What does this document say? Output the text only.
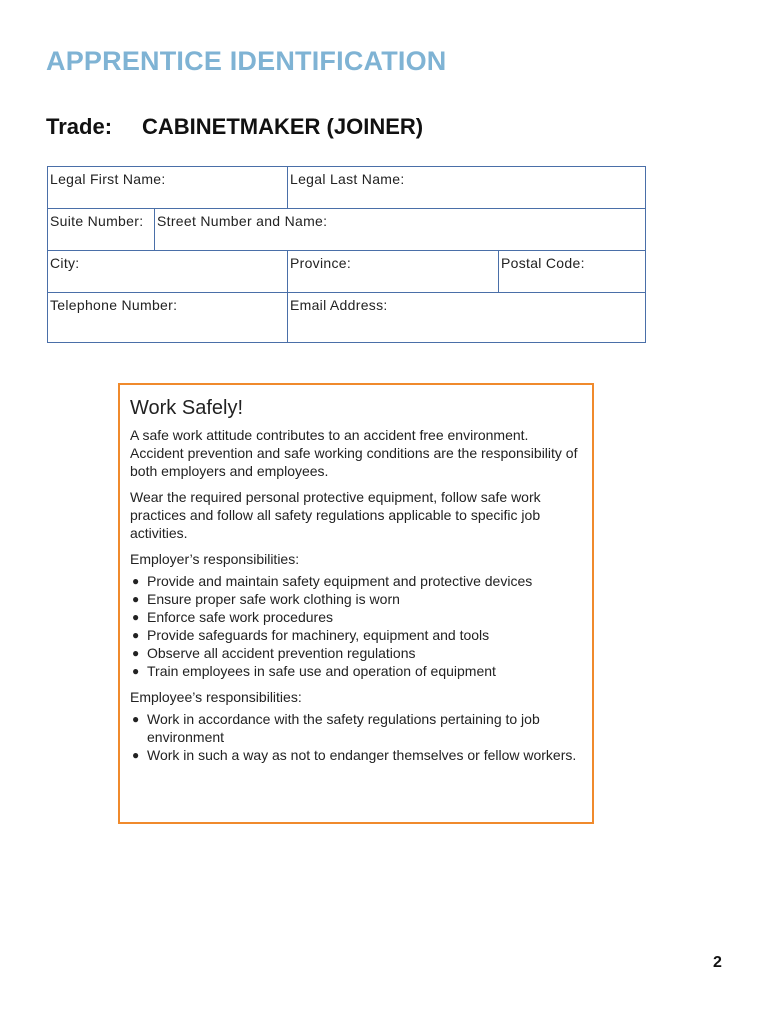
APPRENTICE IDENTIFICATION
Trade: CABINETMAKER (JOINER)
Legal First Name:		Legal Last Name:	
Suite Number:	Street Number and Name:		
City:		Province:	Postal Code:
Telephone Number:		Email Address:	
Work Safely!

A safe work attitude contributes to an accident free environment. Accident prevention and safe working conditions are the responsibility of both employers and employees.

Wear the required personal protective equipment, follow safe work practices and follow all safety regulations applicable to specific job activities.

Employer’s responsibilities:
● Provide and maintain safety equipment and protective devices
● Ensure proper safe work clothing is worn
● Enforce safe work procedures
● Provide safeguards for machinery, equipment and tools
● Observe all accident prevention regulations
● Train employees in safe use and operation of equipment
Employee’s responsibilities:
● Work in accordance with the safety regulations pertaining to job environment
● Work in such a way as not to endanger themselves or fellow workers.
2
